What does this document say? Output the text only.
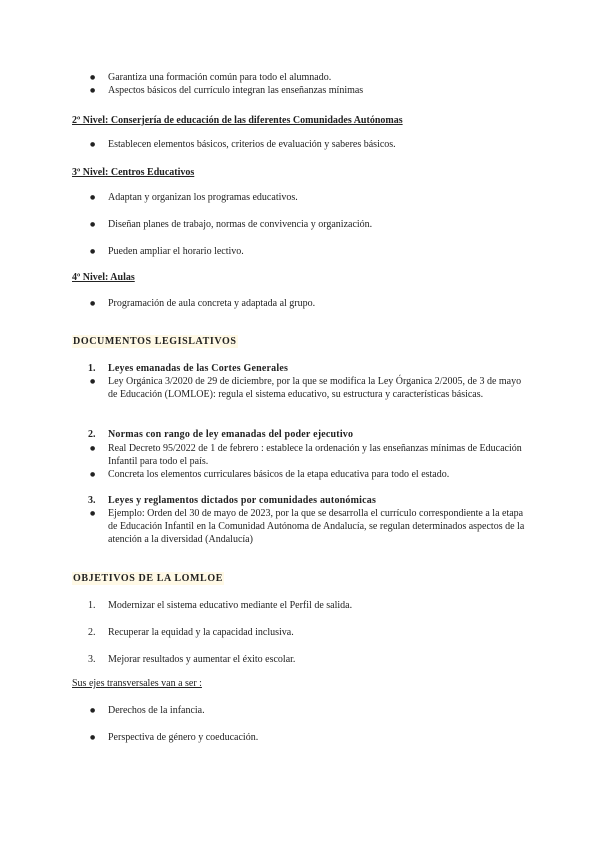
● Garantiza una formación común para todo el alumnado.
● Aspectos básicos del currículo integran las enseñanzas mínimas
2º Nivel: Conserjería de educación de las diferentes Comunidades Autónomas
● Establecen elementos básicos, criterios de evaluación y saberes básicos.
3º Nivel: Centros Educativos
● Adaptan y organizan los programas educativos.
● Diseñan planes de trabajo, normas de convivencia y organización.
● Pueden ampliar el horario lectivo.
4º Nivel: Aulas
● Programación de aula concreta y adaptada al grupo.
DOCUMENTOS LEGISLATIVOS
1. Leyes emanadas de las Cortes Generales
● Ley Orgánica 3/2020 de 29 de diciembre, por la que se modifica la Ley Órganica 2/2005, de 3 de mayo de Educación (LOMLOE): regula el sistema educativo, su estructura y características básicas.
2. Normas con rango de ley emanadas del poder ejecutivo
● Real Decreto 95/2022 de 1 de febrero : establece la ordenación y las enseñanzas mínimas de Educación Infantil para todo el país.
● Concreta los elementos curriculares básicos de la etapa educativa para todo el estado.
3. Leyes y reglamentos dictados por comunidades autonómicas
● Ejemplo: Orden del 30 de mayo de 2023, por la que se desarrolla el currículo correspondiente a la etapa de Educación Infantil en la Comunidad Autónoma de Andalucía, se regulan determinados aspectos de la atención a la diversidad (Andalucía)
OBJETIVOS DE LA LOMLOE
1. Modernizar el sistema educativo mediante el Perfil de salida.
2. Recuperar la equidad y la capacidad inclusiva.
3. Mejorar resultados y aumentar el éxito escolar.
Sus ejes transversales van a ser :
● Derechos de la infancia.
● Perspectiva de género y coeducación.
